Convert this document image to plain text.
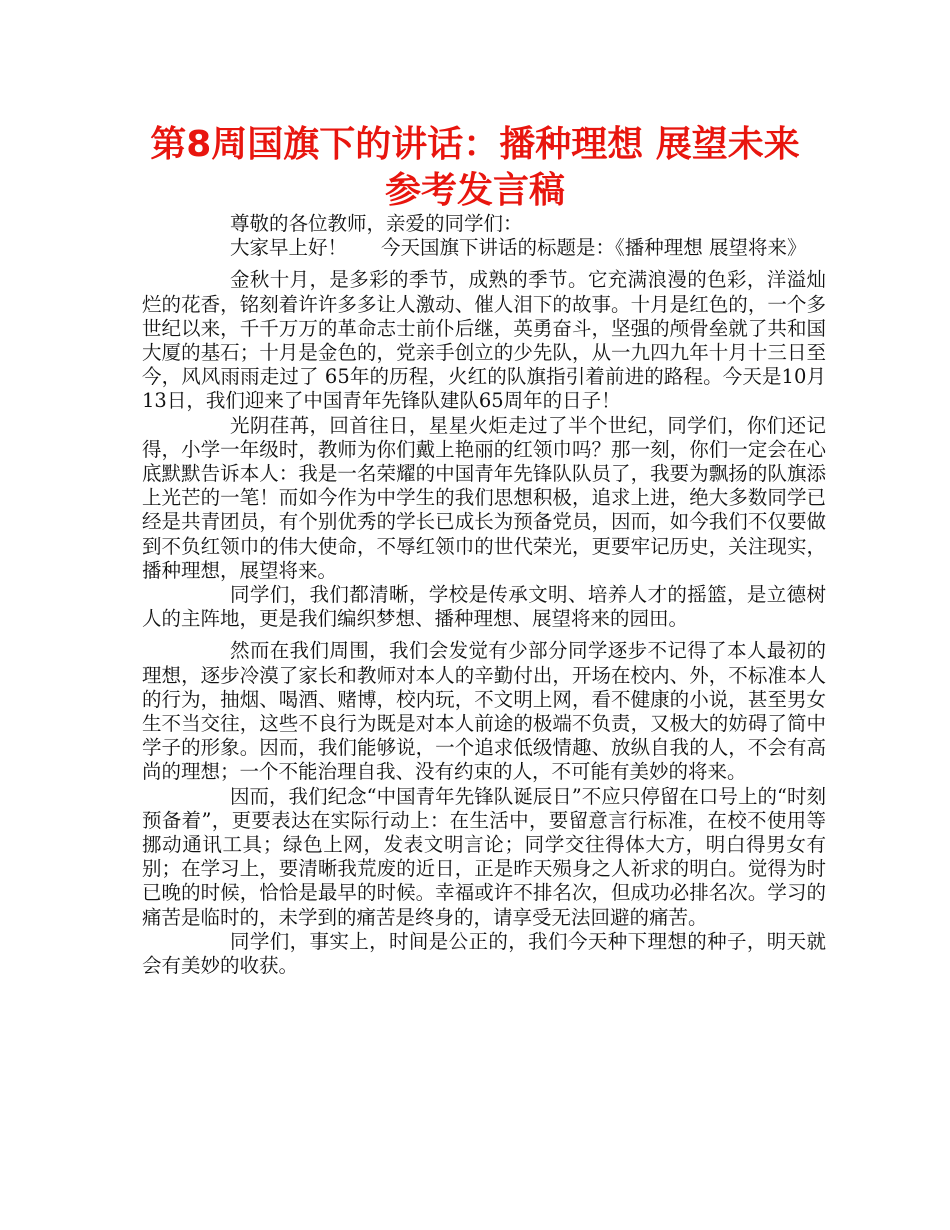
第8周国旗下的讲话：播种理想 展望未来
参考发言稿

尊敬的各位教师，亲爱的同学们：

大家早上好！ 今天国旗下讲话的标题是：《播种理想 展望将来》

金秋十月，是多彩的季节，成熟的季节。它充满浪漫的色彩，洋溢灿烂的花香，铭刻着许许多多让人激动、催人泪下的故事。十月是红色的，一个多世纪以来，千千万万的革命志士前仆后继，英勇奋斗，坚强的颅骨垒就了共和国大厦的基石；十月是金色的，党亲手创立的少先队，从一九四九年十月十三日至今，风风雨雨走过了 65年的历程，火红的队旗指引着前进的路程。今天是10月13日，我们迎来了中国青年先锋队建队65周年的日子！

光阴荏苒，回首往日，星星火炬走过了半个世纪，同学们，你们还记得，小学一年级时，教师为你们戴上艳丽的红领巾吗？那一刻，你们一定会在心底默默告诉本人：我是一名荣耀的中国青年先锋队队员了，我要为飘扬的队旗添上光芒的一笔！而如今作为中学生的我们思想积极，追求上进，绝大多数同学已经是共青团员，有个别优秀的学长已成长为预备党员，因而，如今我们不仅要做到不负红领巾的伟大使命，不辱红领巾的世代荣光，更要牢记历史，关注现实，播种理想，展望将来。

同学们，我们都清晰，学校是传承文明、培养人才的摇篮，是立德树人的主阵地，更是我们编织梦想、播种理想、展望将来的园田。

然而在我们周围，我们会发觉有少部分同学逐步不记得了本人最初的理想，逐步冷漠了家长和教师对本人的辛勤付出，开场在校内、外，不标准本人的行为，抽烟、喝酒、赌博，校内玩，不文明上网，看不健康的小说，甚至男女生不当交往，这些不良行为既是对本人前途的极端不负责，又极大的妨碍了简中学子的形象。因而，我们能够说，一个追求低级情趣、放纵自我的人，不会有高尚的理想；一个不能治理自我、没有约束的人，不可能有美妙的将来。

因而，我们纪念“中国青年先锋队诞辰日”不应只停留在口号上的“时刻预备着”，更要表达在实际行动上：在生活中，要留意言行标准，在校不使用等挪动通讯工具；绿色上网，发表文明言论；同学交往得体大方，明白得男女有别；在学习上，要清晰我荒废的近日，正是昨天殒身之人祈求的明白。觉得为时已晚的时候，恰恰是最早的时候。幸福或许不排名次，但成功必排名次。学习的痛苦是临时的，未学到的痛苦是终身的，请享受无法回避的痛苦。

同学们，事实上，时间是公正的，我们今天种下理想的种子，明天就会有美妙的收获。
